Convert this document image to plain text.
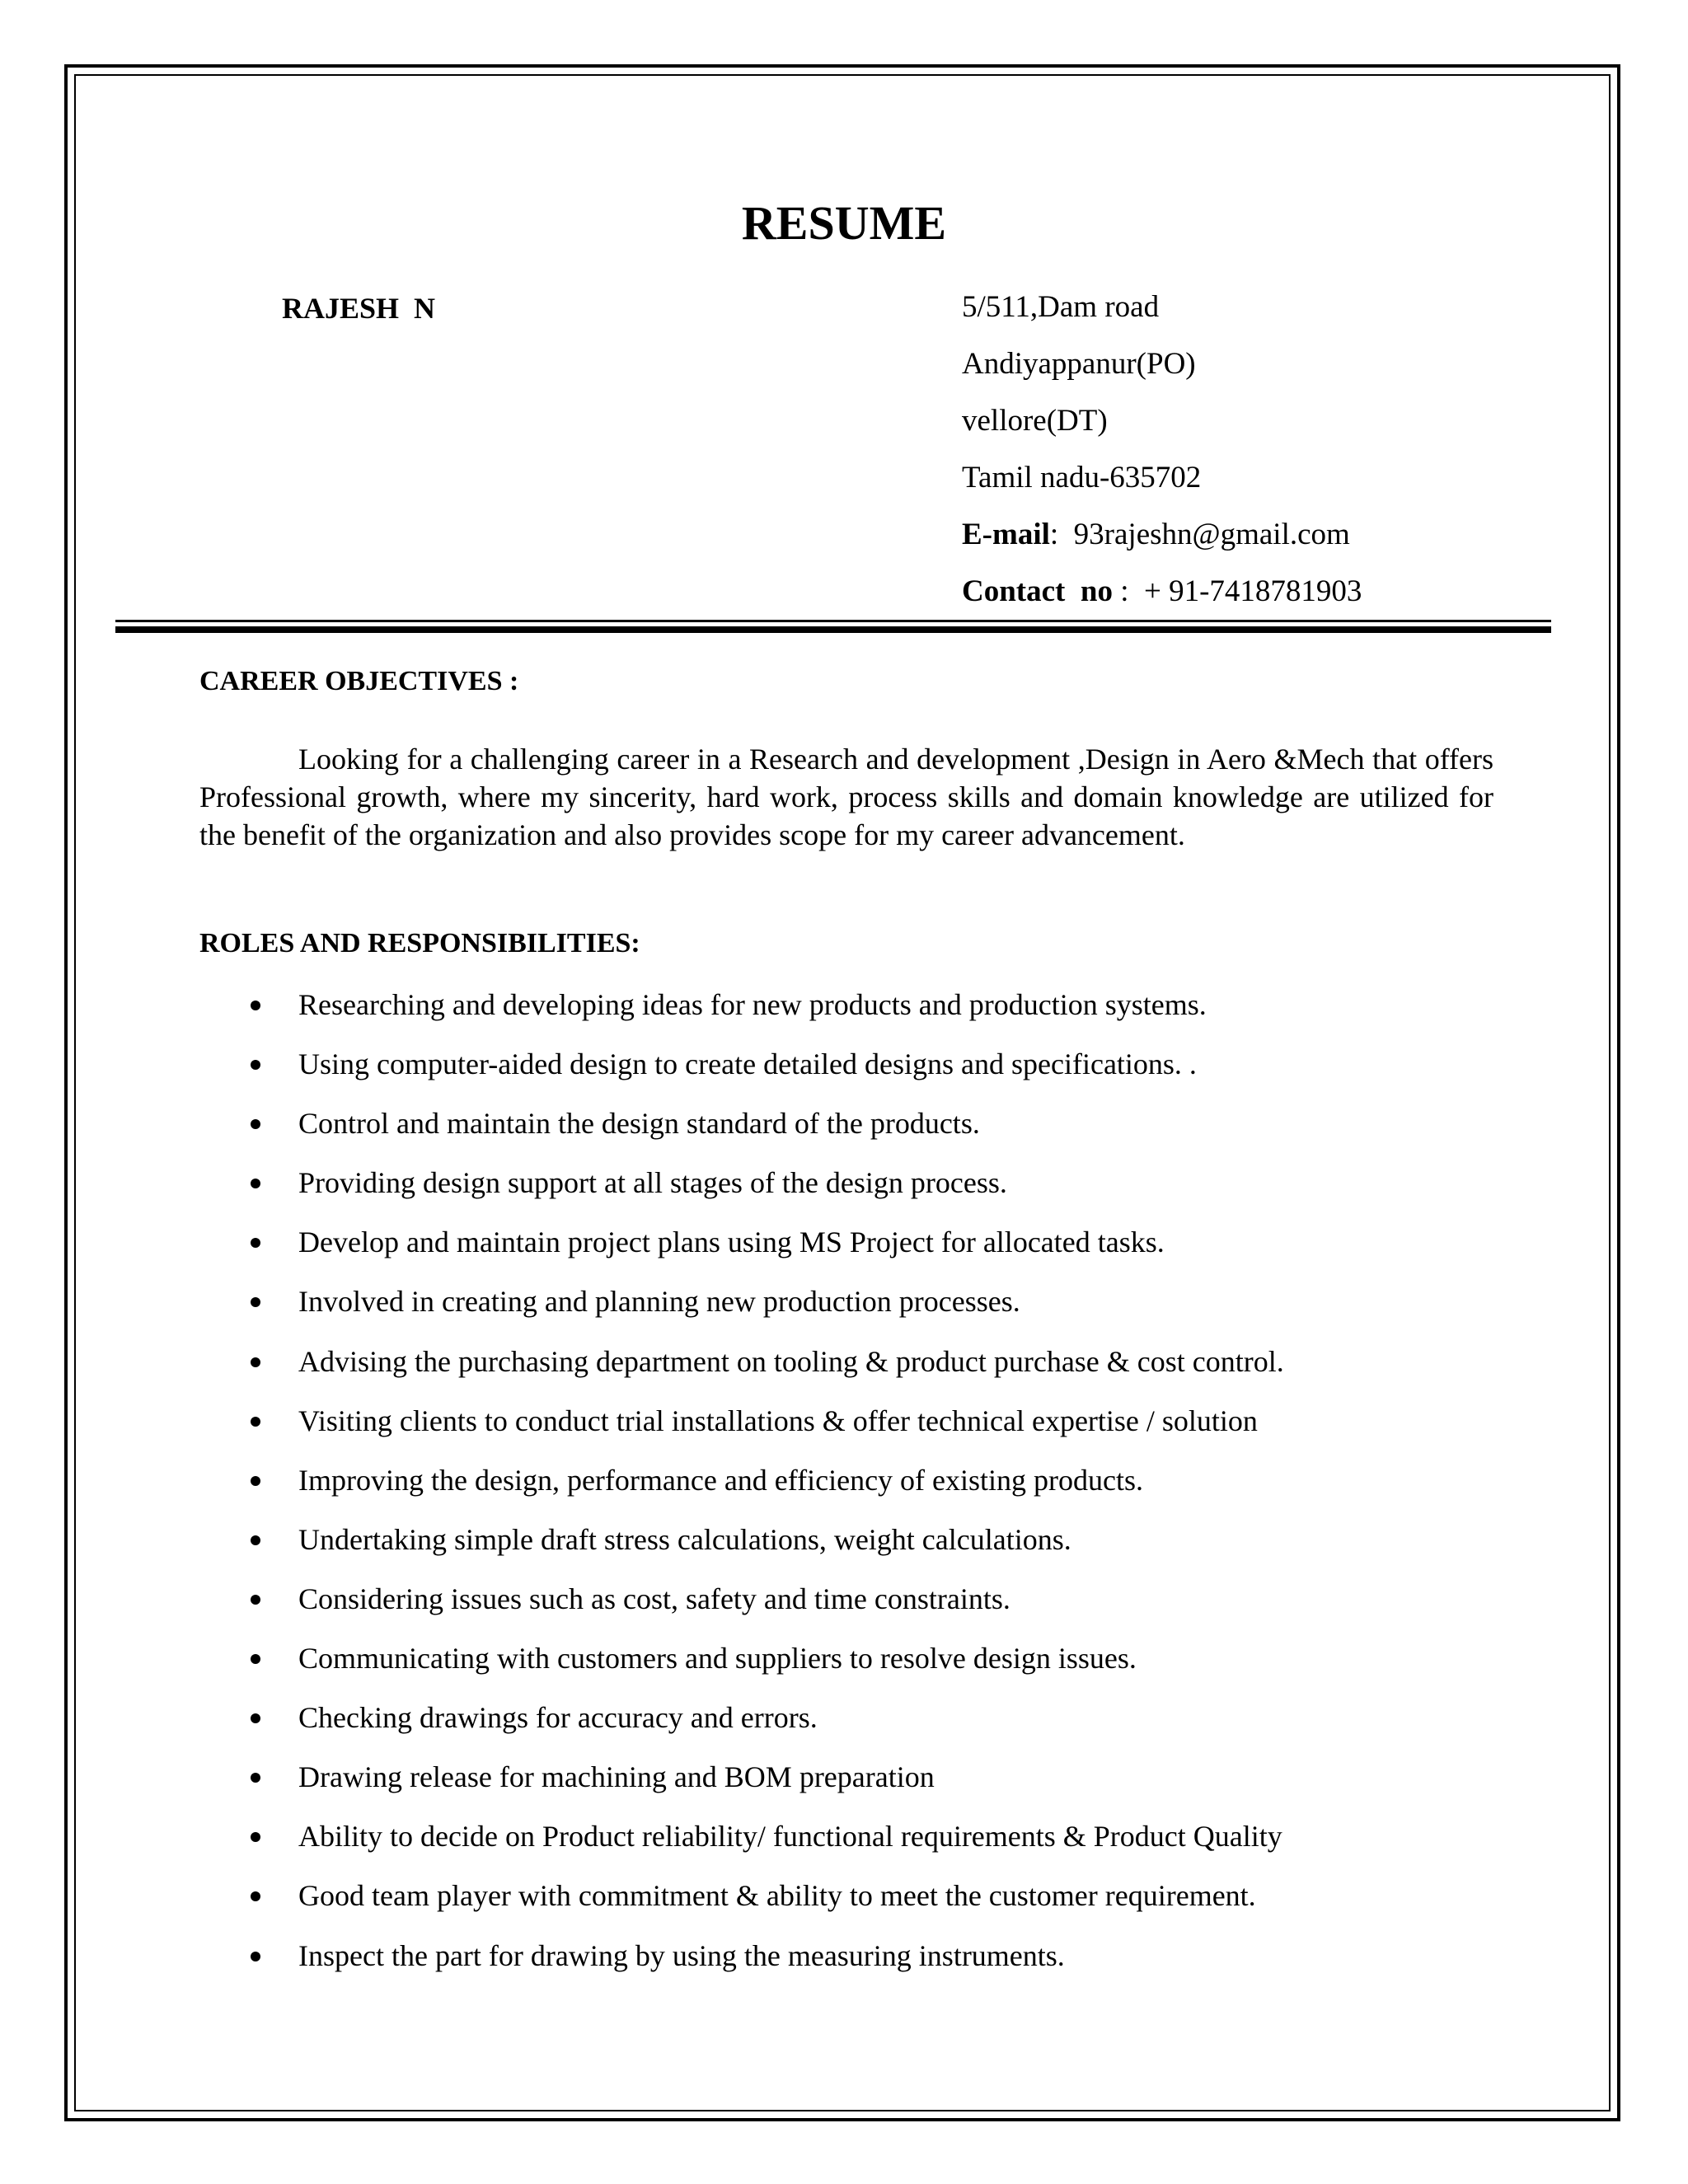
RESUME
RAJESH  N	5/511,Dam road
Andiyappanur(PO)
vellore(DT)
Tamil nadu-635702
E-mail:  93rajeshn@gmail.com
Contact  no :  + 91-7418781903
CAREER OBJECTIVES :

Looking for a challenging career in a Research and development ,Design in Aero &Mech that offers Professional growth, where my sincerity, hard work, process skills and domain knowledge are utilized for the benefit of the organization and also provides scope for my career advancement.

ROLES AND RESPONSIBILITIES:
Researching and developing ideas for new products and production systems.
Using computer-aided design to create detailed designs and specifications. .
Control and maintain the design standard of the products.
Providing design support at all stages of the design process.
Develop and maintain project plans using MS Project for allocated tasks.
Involved in creating and planning new production processes.
Advising the purchasing department on tooling & product purchase & cost control.
Visiting clients to conduct trial installations & offer technical expertise / solution
Improving the design, performance and efficiency of existing products.
Undertaking simple draft stress calculations, weight calculations.
Considering issues such as cost, safety and time constraints.
Communicating with customers and suppliers to resolve design issues.
Checking drawings for accuracy and errors.
Drawing release for machining and BOM preparation
Ability to decide on Product reliability/ functional requirements & Product Quality
Good team player with commitment & ability to meet the customer requirement.
Inspect the part for drawing by using the measuring instruments.
